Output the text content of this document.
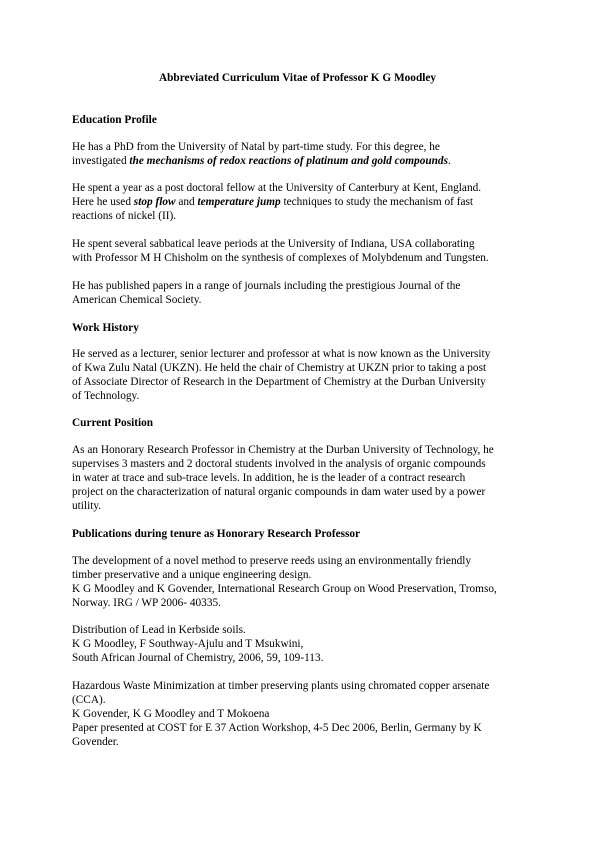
Abbreviated Curriculum Vitae of Professor K G Moodley
Education Profile
He has a PhD from the University of Natal by part-time study. For this degree, he
investigated the mechanisms of redox reactions of platinum and gold compounds.
He spent a year as a post doctoral fellow at the University of Canterbury at Kent, England.
Here he used stop flow and temperature jump techniques to study the mechanism of fast
reactions of nickel (II).
He spent several sabbatical leave periods at the University of Indiana, USA collaborating
with Professor M H Chisholm on the synthesis of complexes of Molybdenum and Tungsten.
He has published papers in a range of journals including the prestigious Journal of the
American Chemical Society.
Work History
He served as a lecturer, senior lecturer and professor at what is now known as the University
of Kwa Zulu Natal (UKZN). He held the chair of Chemistry at UKZN prior to taking a post
of Associate Director of Research in the Department of Chemistry at the Durban University
of Technology.
Current Position
As an Honorary Research Professor in Chemistry at the Durban University of Technology, he
supervises 3 masters and 2 doctoral students involved in the analysis of organic compounds
in water at trace and sub-trace levels. In addition, he is the leader of a contract research
project on the characterization of natural organic compounds in dam water used by a power
utility.
Publications during tenure as Honorary Research Professor
The development of a novel method to preserve reeds using an environmentally friendly
timber preservative and a unique engineering design.
K G Moodley and K Govender, International Research Group on Wood Preservation, Tromso,
Norway. IRG / WP 2006- 40335.
Distribution of Lead in Kerbside soils.
K G Moodley, F Southway-Ajulu and T Msukwini,
South African Journal of Chemistry, 2006, 59, 109-113.
Hazardous Waste Minimization at timber preserving plants using chromated copper arsenate
(CCA).
K Govender, K G Moodley and T Mokoena
Paper presented at COST for E 37 Action Workshop, 4-5 Dec 2006, Berlin, Germany by K
Govender.
